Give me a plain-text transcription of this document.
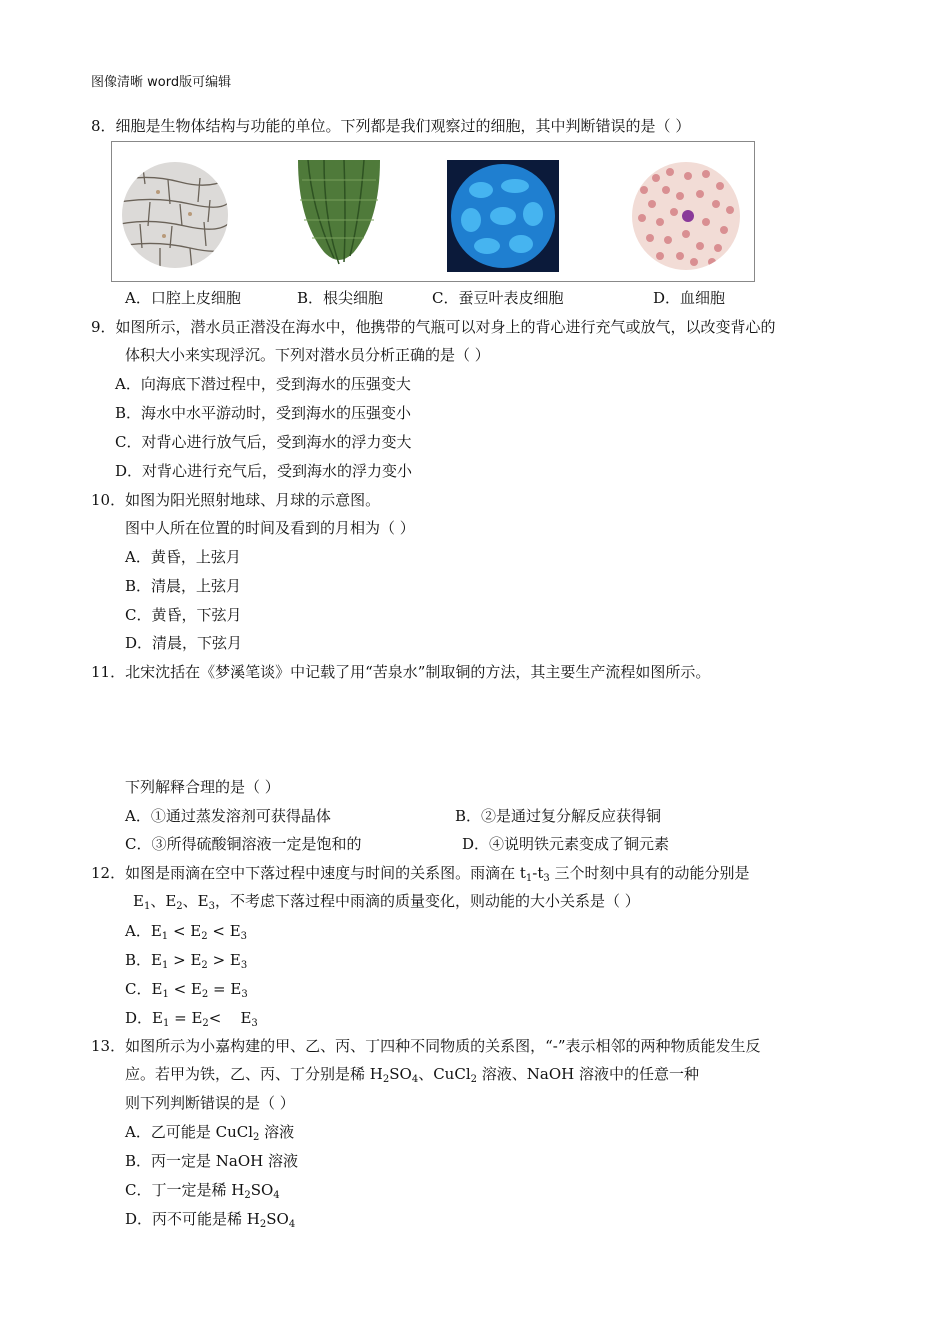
图像清晰 word版可编辑
8．细胞是生物体结构与功能的单位。下列都是我们观察过的细胞，其中判断错误的是（ ）
A．口腔上皮细胞	B．根尖细胞	C．蚕豆叶表皮细胞	D．血细胞
9．如图所示，潜水员正潜没在海水中，他携带的气瓶可以对身上的背心进行充气或放气，以改变背心的
体积大小来实现浮沉。下列对潜水员分析正确的是（ ）
A．向海底下潜过程中，受到海水的压强变大
B．海水中水平游动时，受到海水的压强变小
C．对背心进行放气后，受到海水的浮力变大
D．对背心进行充气后，受到海水的浮力变小
10．如图为阳光照射地球、月球的示意图。
图中人所在位置的时间及看到的月相为（ ）
A．黄昏，上弦月
B．清晨，上弦月
C．黄昏，下弦月
D．清晨，下弦月
11．北宋沈括在《梦溪笔谈》中记载了用“苦泉水”制取铜的方法，其主要生产流程如图所示。
下列解释合理的是（ ）
A．①通过蒸发溶剂可获得晶体	B．②是通过复分解反应获得铜
C．③所得硫酸铜溶液一定是饱和的	D．④说明铁元素变成了铜元素
12．如图是雨滴在空中下落过程中速度与时间的关系图。雨滴在 $t_1-t_3$ 三个时刻中具有的动能分别是
$E_1$、$E_2$、$E_3$，不考虑下落过程中雨滴的质量变化，则动能的大小关系是（ ）
A．$E_1 < E_2 < E_3$
B．$E_1 > E_2 > E_3$
C．$E_1 < E_2 = E_3$
D．$E_1 = E_2<$    $E_3$
13．如图所示为小嘉构建的甲、乙、丙、丁四种不同物质的关系图，“-”表示相邻的两种物质能发生反
应。若甲为铁，乙、丙、丁分别是稀 $H_2SO_4$、CuCl$_2$ 溶液、NaOH 溶液中的任意一种
则下列判断错误的是（ ）
A．乙可能是 CuCl$_2$ 溶液
B．丙一定是 NaOH 溶液
C．丁一定是稀 $H_2SO_4$
D．丙不可能是稀 $H_2SO_4$
